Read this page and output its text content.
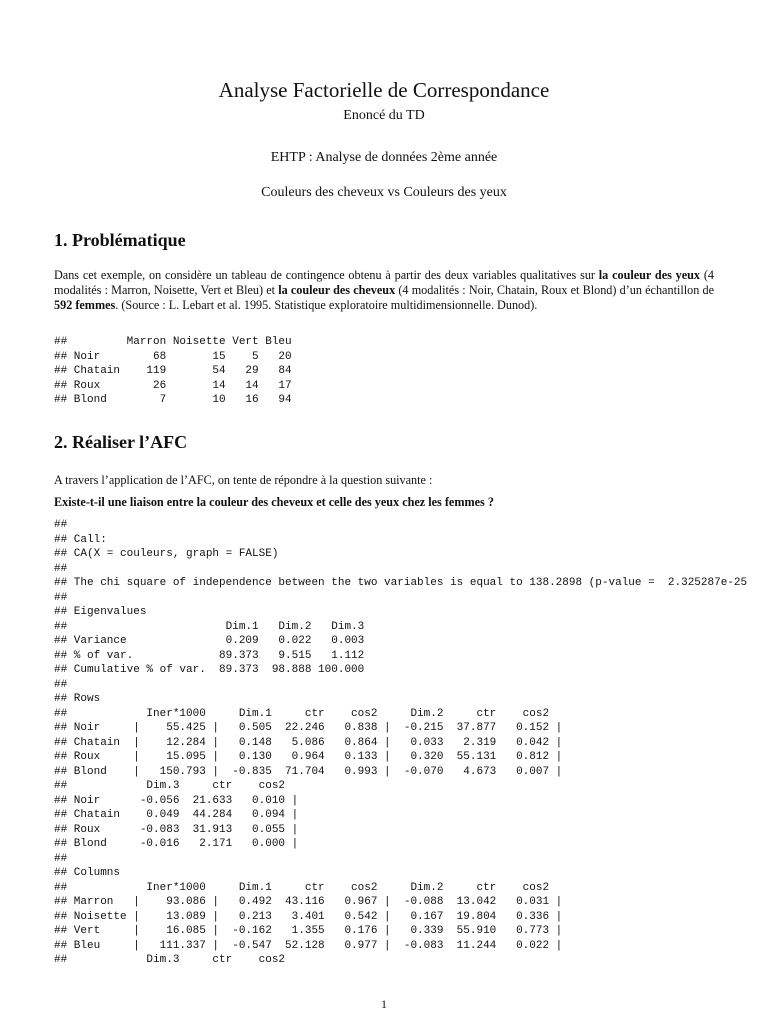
Analyse Factorielle de Correspondance
Enoncé du TD
EHTP : Analyse de données 2ème année
Couleurs des cheveux vs Couleurs des yeux
1. Problématique
Dans cet exemple, on considère un tableau de contingence obtenu à partir des deux variables qualitatives sur la couleur des yeux (4 modalités : Marron, Noisette, Vert et Bleu) et la couleur des cheveux (4 modalités : Noir, Chatain, Roux et Blond) d’un échantillon de 592 femmes. (Source : L. Lebart et al. 1995. Statistique exploratoire multidimensionnelle. Dunod).
##         Marron Noisette Vert Bleu
## Noir        68       15    5   20
## Chatain    119       54   29   84
## Roux        26       14   14   17
## Blond        7       10   16   94
2. Réaliser l’AFC
A travers l’application de l’AFC, on tente de répondre à la question suivante :
Existe-t-il une liaison entre la couleur des cheveux et celle des yeux chez les femmes ?
##
## Call:
## CA(X = couleurs, graph = FALSE)
##
## The chi square of independence between the two variables is equal to 138.2898 (p-value =  2.325287e-25
##
## Eigenvalues
##                        Dim.1   Dim.2   Dim.3
## Variance               0.209   0.022   0.003
## % of var.             89.373   9.515   1.112
## Cumulative % of var.  89.373  98.888 100.000
##
## Rows
##            Iner*1000     Dim.1     ctr    cos2     Dim.2     ctr    cos2
## Noir     |    55.425 |   0.505  22.246   0.838 |  -0.215  37.877   0.152 |
## Chatain  |    12.284 |   0.148   5.086   0.864 |   0.033   2.319   0.042 |
## Roux     |    15.095 |   0.130   0.964   0.133 |   0.320  55.131   0.812 |
## Blond    |   150.793 |  -0.835  71.704   0.993 |  -0.070   4.673   0.007 |
##            Dim.3     ctr    cos2
## Noir      -0.056  21.633   0.010 |
## Chatain    0.049  44.284   0.094 |
## Roux      -0.083  31.913   0.055 |
## Blond     -0.016   2.171   0.000 |
##
## Columns
##            Iner*1000     Dim.1     ctr    cos2     Dim.2     ctr    cos2
## Marron   |    93.086 |   0.492  43.116   0.967 |  -0.088  13.042   0.031 |
## Noisette |    13.089 |   0.213   3.401   0.542 |   0.167  19.804   0.336 |
## Vert     |    16.085 |  -0.162   1.355   0.176 |   0.339  55.910   0.773 |
## Bleu     |   111.337 |  -0.547  52.128   0.977 |  -0.083  11.244   0.022 |
##            Dim.3     ctr    cos2
1
